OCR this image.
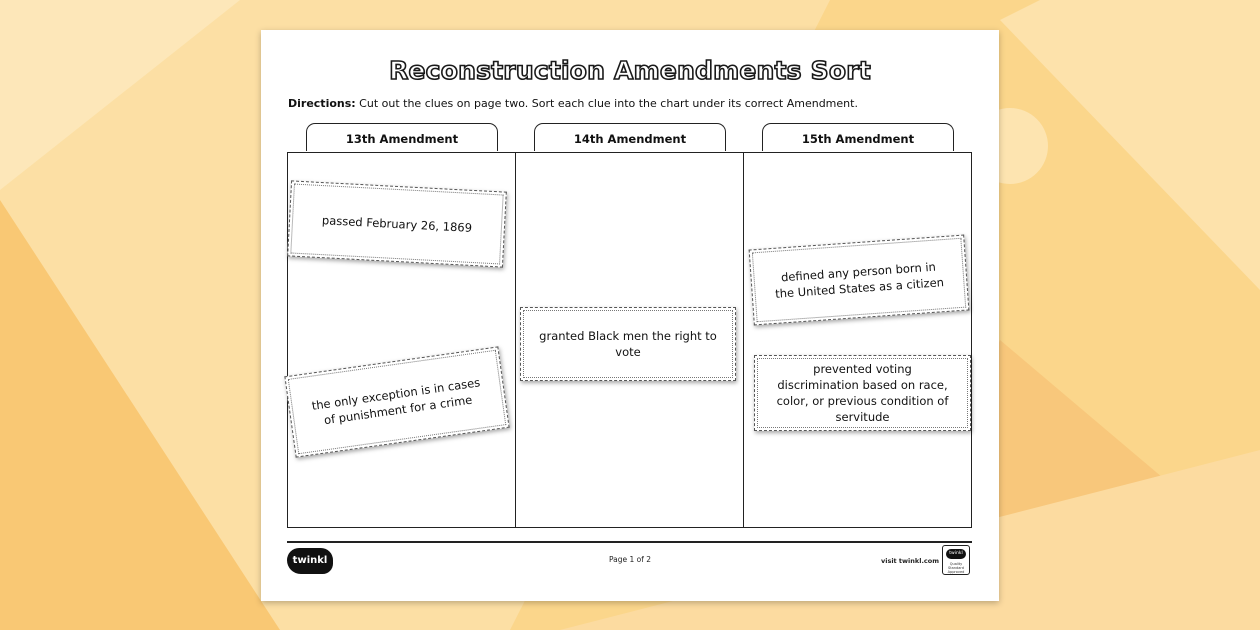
Reconstruction Amendments Sort
Directions: Cut out the clues on page two. Sort each clue into the chart under its correct Amendment.
13th Amendment	14th Amendment	15th Amendment
passed February 26, 1869
the only exception is in cases of punishment for a crime
granted Black men the right to vote
defined any person born in the United States as a citizen
prevented voting discrimination based on race, color, or previous condition of servitude
twinkl	Page 1 of 2	visit twinkl.com
twinkl
Quality Standard Approved
